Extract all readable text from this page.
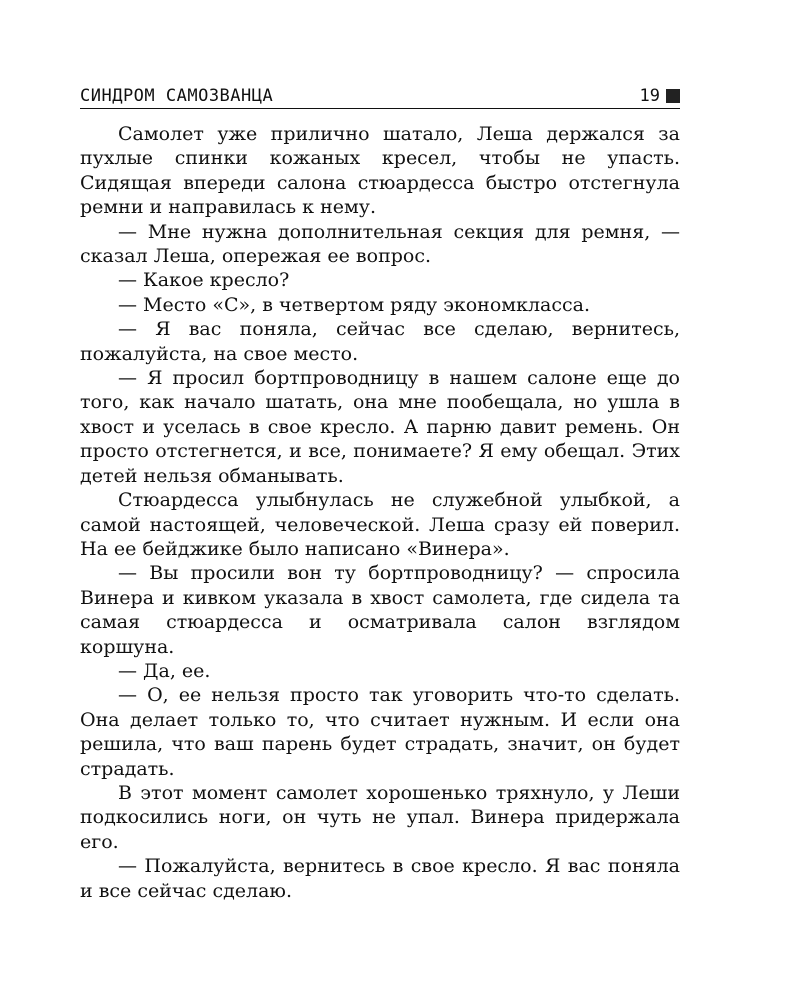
СИНДРОМ САМОЗВАНЦА	19

Самолет уже прилично шатало, Леша держался за пухлые спинки кожаных кресел, чтобы не упасть. Сидящая впереди салона стюардесса быстро отстегнула ремни и направилась к нему.

— Мне нужна дополнительная секция для ремня, — сказал Леша, опережая ее вопрос.

— Какое кресло?

— Место «С», в четвертом ряду экономкласса.

— Я вас поняла, сейчас все сделаю, вернитесь, пожалуйста, на свое место.

— Я просил бортпроводницу в нашем салоне еще до того, как начало шатать, она мне пообещала, но ушла в хвост и уселась в свое кресло. А парню давит ремень. Он просто отстегнется, и все, понимаете? Я ему обещал. Этих детей нельзя обманывать.

Стюардесса улыбнулась не служебной улыбкой, а самой настоящей, человеческой. Леша сразу ей поверил. На ее бейджике было написано «Винера».

— Вы просили вон ту бортпроводницу? — спросила Винера и кивком указала в хвост самолета, где сидела та самая стюардесса и осматривала салон взглядом коршуна.

— Да, ее.

— О, ее нельзя просто так уговорить что-то сделать. Она делает только то, что считает нужным. И если она решила, что ваш парень будет страдать, значит, он будет страдать.

В этот момент самолет хорошенько тряхнуло, у Леши подкосились ноги, он чуть не упал. Винера придержала его.

— Пожалуйста, вернитесь в свое кресло. Я вас поняла и все сейчас сделаю.
